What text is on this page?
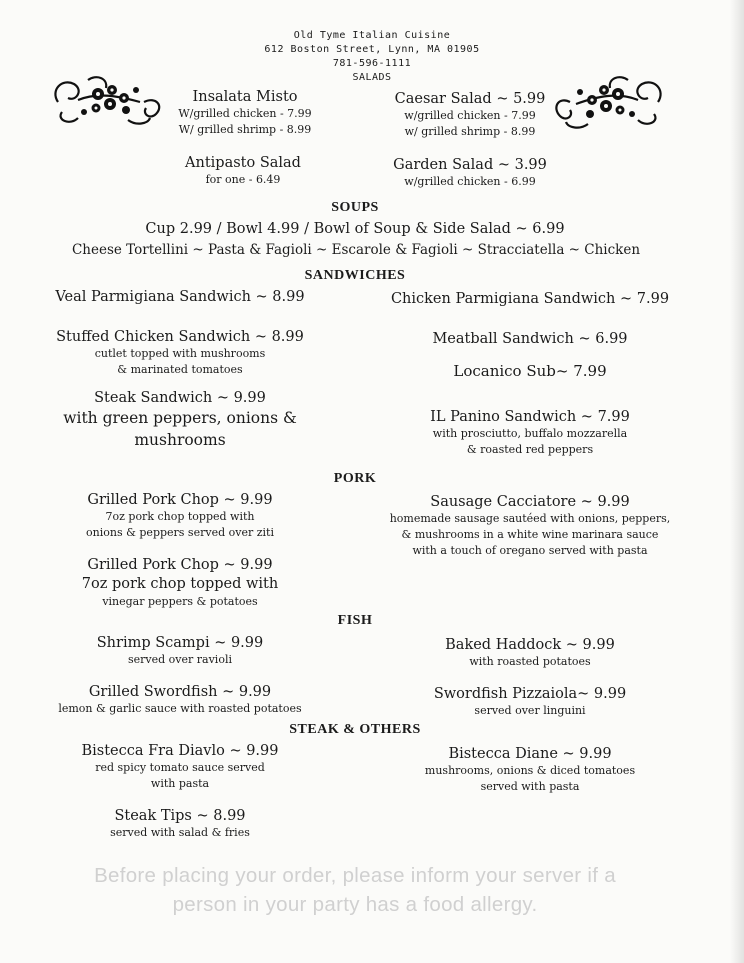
Old Tyme Italian Cuisine
612 Boston Street, Lynn, MA 01905
781-596-1111
SALADS
Insalata Misto
W/grilled chicken - 7.99
W/ grilled shrimp - 8.99
Caesar Salad ~ 5.99
w/grilled chicken - 7.99
w/ grilled shrimp - 8.99
Antipasto Salad
for one - 6.49
Garden Salad ~ 3.99
w/grilled chicken - 6.99
SOUPS
Cup 2.99 / Bowl 4.99 / Bowl of Soup & Side Salad ~ 6.99
Cheese Tortellini ~ Pasta & Fagioli ~ Escarole & Fagioli ~ Stracciatella ~ Chicken
SANDWICHES
Veal Parmigiana Sandwich ~ 8.99	Chicken Parmigiana Sandwich ~ 7.99
Stuffed Chicken Sandwich ~ 8.99
cutlet topped with mushrooms
& marinated tomatoes
Meatball Sandwich ~ 6.99
Locanico Sub~ 7.99
Steak Sandwich ~ 9.99
with green peppers, onions &
mushrooms
IL Panino Sandwich ~ 7.99
with prosciutto, buffalo mozzarella
& roasted red peppers
PORK
Grilled Pork Chop ~ 9.99
7oz pork chop topped with
onions & peppers served over ziti
Sausage Cacciatore ~ 9.99
homemade sausage sautéed with onions, peppers,
& mushrooms in a white wine marinara sauce
with a touch of oregano served with pasta
Grilled Pork Chop ~ 9.99
7oz pork chop topped with
vinegar peppers & potatoes
FISH
Shrimp Scampi ~ 9.99
served over ravioli
Baked Haddock ~ 9.99
with roasted potatoes
Grilled Swordfish ~ 9.99
lemon & garlic sauce with roasted potatoes
Swordfish Pizzaiola~ 9.99
served over linguini
STEAK & OTHERS
Bistecca Fra Diavlo ~ 9.99
red spicy tomato sauce served
with pasta
Bistecca Diane ~ 9.99
mushrooms, onions & diced tomatoes
served with pasta
Steak Tips ~ 8.99
served with salad & fries
Before placing your order, please inform your server if a
person in your party has a food allergy.
